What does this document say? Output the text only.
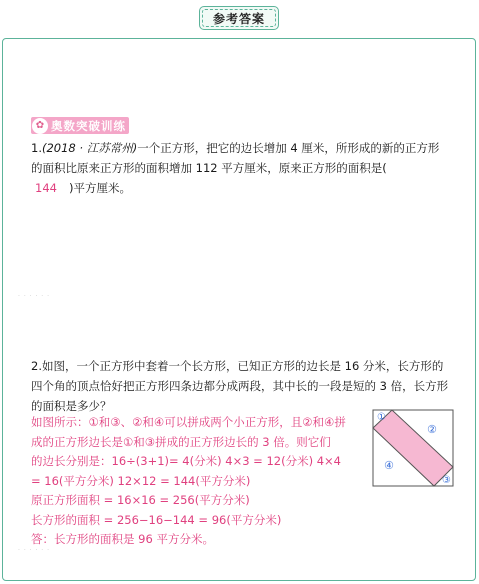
参考答案
✿ 奥数突破训练
1.(2018 · 江苏常州)一个正方形，把它的边长增加 4 厘米，所形成的新的正方形的面积比原来正方形的面积增加 112 平方厘米，原来正方形的面积是(
144 )平方厘米。
· · · · · ·
2.如图，一个正方形中套着一个长方形，已知正方形的边长是 16 分米，长方形的四个角的顶点恰好把正方形四条边都分成两段，其中长的一段是短的 3 倍，长方形的面积是多少？
如图所示：①和③、②和④可以拼成两个小正方形，且②和④拼
成的正方形边长是①和③拼成的正方形边长的 3 倍。则它们
的边长分别是：16÷(3+1)= 4(分米) 4×3 = 12(分米) 4×4
= 16(平方分米) 12×12 = 144(平方分米)
原正方形面积 = 16×16 = 256(平方分米)
长方形的面积 = 256−16−144 = 96(平方分米)
答：长方形的面积是 96 平方分米。
①
②
③
④
· · · · · ·
